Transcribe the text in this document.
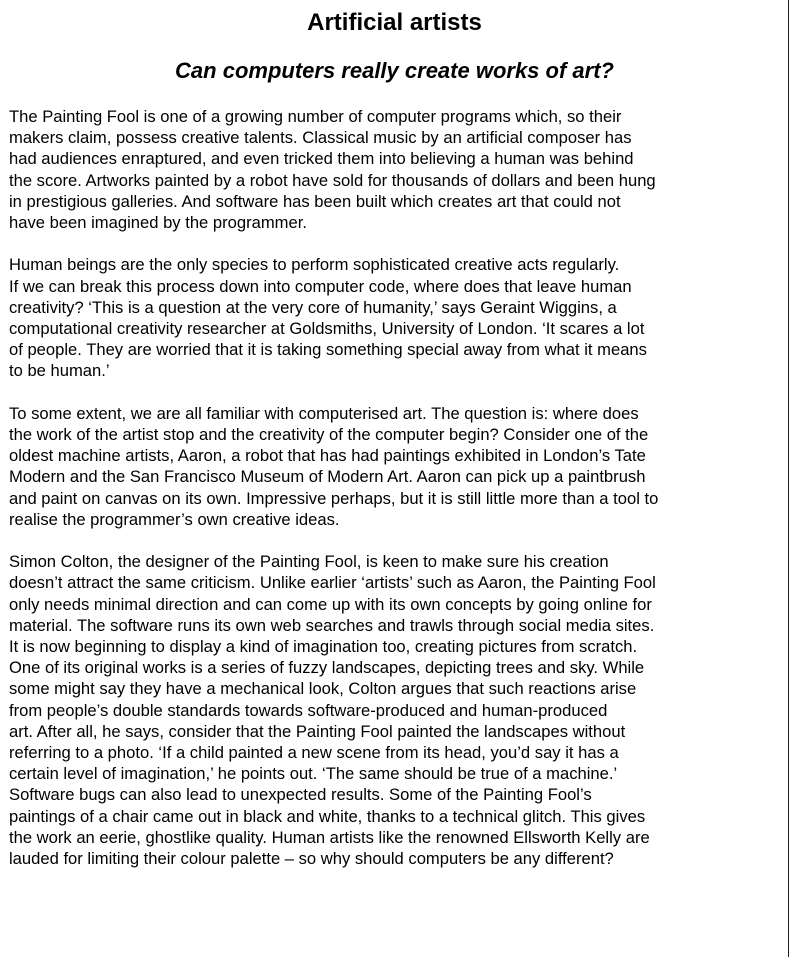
Artificial artists
Can computers really create works of art?

The Painting Fool is one of a growing number of computer programs which, so their
makers claim, possess creative talents. Classical music by an artificial composer has
had audiences enraptured, and even tricked them into believing a human was behind
the score. Artworks painted by a robot have sold for thousands of dollars and been hung
in prestigious galleries. And software has been built which creates art that could not
have been imagined by the programmer.

Human beings are the only species to perform sophisticated creative acts regularly.
If we can break this process down into computer code, where does that leave human
creativity? ‘This is a question at the very core of humanity,’ says Geraint Wiggins, a
computational creativity researcher at Goldsmiths, University of London. ‘It scares a lot
of people. They are worried that it is taking something special away from what it means
to be human.’

To some extent, we are all familiar with computerised art. The question is: where does
the work of the artist stop and the creativity of the computer begin? Consider one of the
oldest machine artists, Aaron, a robot that has had paintings exhibited in London’s Tate
Modern and the San Francisco Museum of Modern Art. Aaron can pick up a paintbrush
and paint on canvas on its own. Impressive perhaps, but it is still little more than a tool to
realise the programmer’s own creative ideas.

Simon Colton, the designer of the Painting Fool, is keen to make sure his creation
doesn’t attract the same criticism. Unlike earlier ‘artists’ such as Aaron, the Painting Fool
only needs minimal direction and can come up with its own concepts by going online for
material. The software runs its own web searches and trawls through social media sites.
It is now beginning to display a kind of imagination too, creating pictures from scratch.
One of its original works is a series of fuzzy landscapes, depicting trees and sky. While
some might say they have a mechanical look, Colton argues that such reactions arise
from people’s double standards towards software-produced and human-produced
art. After all, he says, consider that the Painting Fool painted the landscapes without
referring to a photo. ‘If a child painted a new scene from its head, you’d say it has a
certain level of imagination,’ he points out. ‘The same should be true of a machine.’
Software bugs can also lead to unexpected results. Some of the Painting Fool’s
paintings of a chair came out in black and white, thanks to a technical glitch. This gives
the work an eerie, ghostlike quality. Human artists like the renowned Ellsworth Kelly are
lauded for limiting their colour palette – so why should computers be any different?
